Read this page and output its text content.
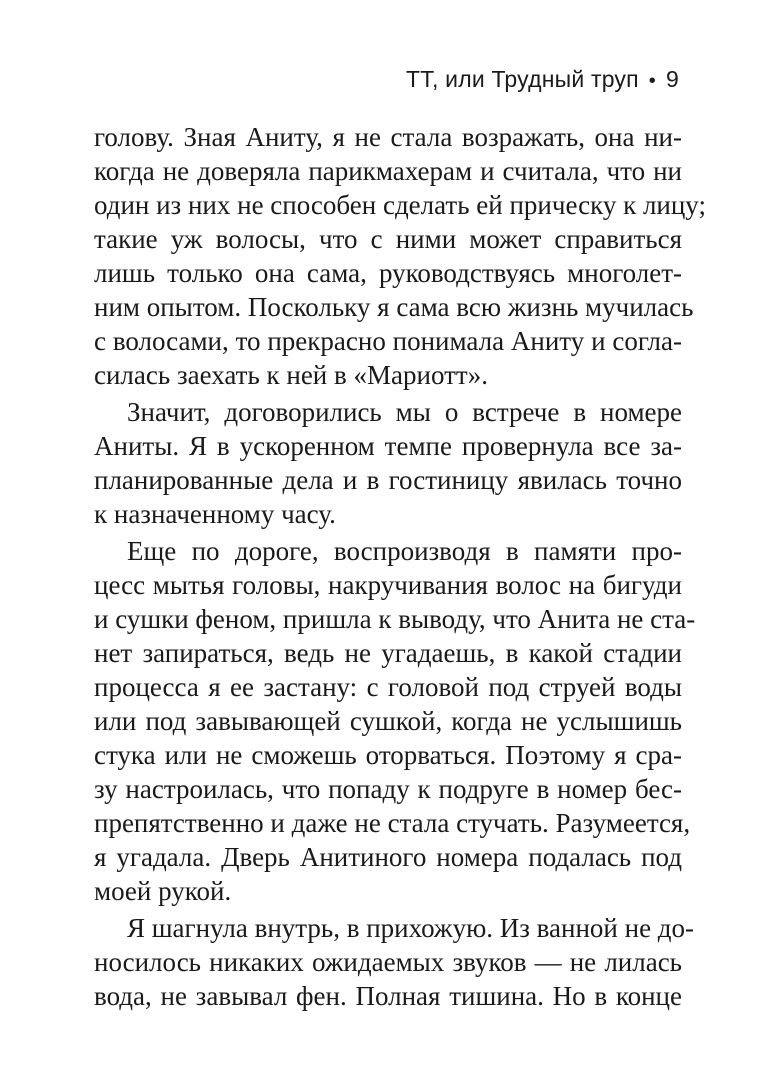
ТТ, или Трудный труп • 9
голову. Зная Аниту, я не стала возражать, она ни-
когда не доверяла парикмахерам и считала, что ни
один из них не способен сделать ей прическу к лицу;
такие уж волосы, что с ними может справиться
лишь только она сама, руководствуясь многолет-
ним опытом. Поскольку я сама всю жизнь мучилась
с волосами, то прекрасно понимала Аниту и согла-
силась заехать к ней в «Мариотт».
Значит, договорились мы о встрече в номере
Аниты. Я в ускоренном темпе провернула все за-
планированные дела и в гостиницу явилась точно
к назначенному часу.
Еще по дороге, воспроизводя в памяти про-
цесс мытья головы, накручивания волос на бигуди
и сушки феном, пришла к выводу, что Анита не ста-
нет запираться, ведь не угадаешь, в какой стадии
процесса я ее застану: с головой под струей воды
или под завывающей сушкой, когда не услышишь
стука или не сможешь оторваться. Поэтому я сра-
зу настроилась, что попаду к подруге в номер бес-
препятственно и даже не стала стучать. Разумеется,
я угадала. Дверь Анитиного номера подалась под
моей рукой.
Я шагнула внутрь, в прихожую. Из ванной не до-
носилось никаких ожидаемых звуков — не лилась
вода, не завывал фен. Полная тишина. Но в конце
